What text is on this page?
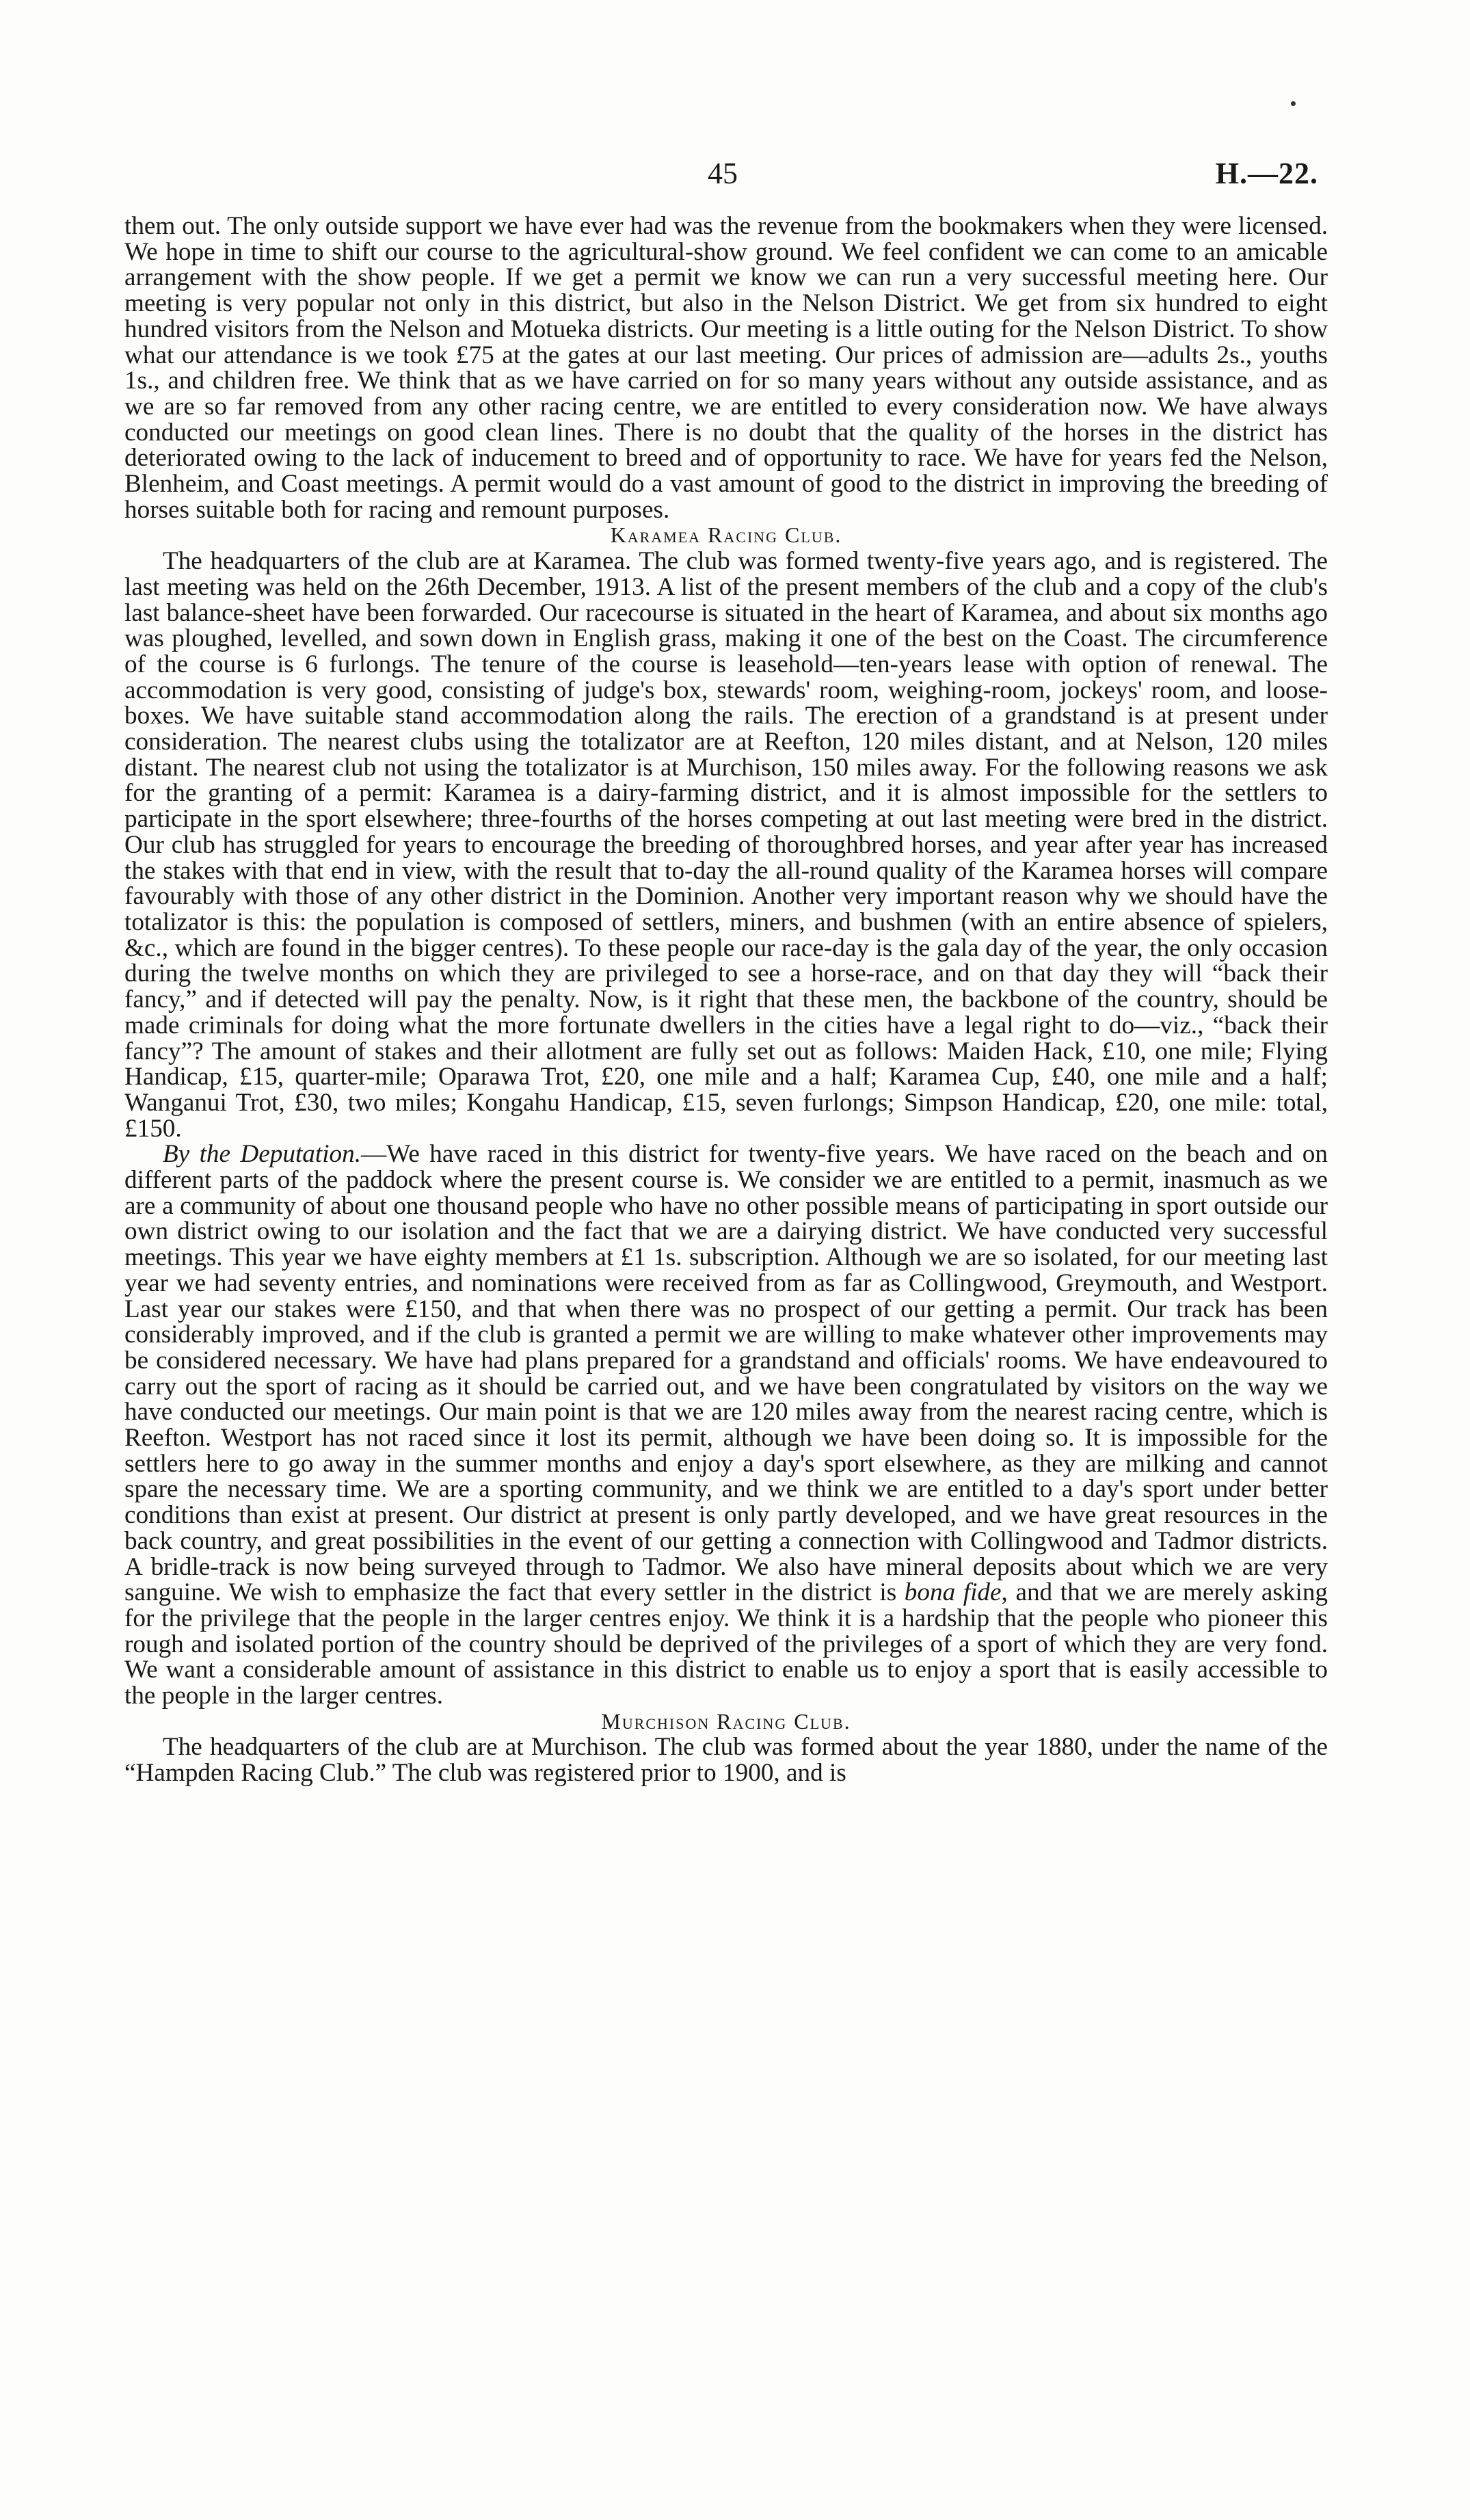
45	H.—22.

them out. The only outside support we have ever had was the revenue from the bookmakers when they were licensed. We hope in time to shift our course to the agricultural-show ground. We feel confident we can come to an amicable arrangement with the show people. If we get a permit we know we can run a very successful meeting here. Our meeting is very popular not only in this district, but also in the Nelson District. We get from six hundred to eight hundred visitors from the Nelson and Motueka districts. Our meeting is a little outing for the Nelson District. To show what our attendance is we took £75 at the gates at our last meeting. Our prices of admission are—adults 2s., youths 1s., and children free. We think that as we have carried on for so many years without any outside assistance, and as we are so far removed from any other racing centre, we are entitled to every consideration now. We have always conducted our meetings on good clean lines. There is no doubt that the quality of the horses in the district has deteriorated owing to the lack of inducement to breed and of opportunity to race. We have for years fed the Nelson, Blenheim, and Coast meetings. A permit would do a vast amount of good to the district in improving the breeding of horses suitable both for racing and remount purposes.

Karamea Racing Club.

The headquarters of the club are at Karamea. The club was formed twenty-five years ago, and is registered. The last meeting was held on the 26th December, 1913. A list of the present members of the club and a copy of the club's last balance-sheet have been forwarded. Our racecourse is situated in the heart of Karamea, and about six months ago was ploughed, levelled, and sown down in English grass, making it one of the best on the Coast. The circumference of the course is 6 furlongs. The tenure of the course is leasehold—ten-years lease with option of renewal. The accommodation is very good, consisting of judge's box, stewards' room, weighing-room, jockeys' room, and loose-boxes. We have suitable stand accommodation along the rails. The erection of a grandstand is at present under consideration. The nearest clubs using the totalizator are at Reefton, 120 miles distant, and at Nelson, 120 miles distant. The nearest club not using the totalizator is at Murchison, 150 miles away. For the following reasons we ask for the granting of a permit: Karamea is a dairy-farming district, and it is almost impossible for the settlers to participate in the sport elsewhere; three-fourths of the horses competing at out last meeting were bred in the district. Our club has struggled for years to encourage the breeding of thoroughbred horses, and year after year has increased the stakes with that end in view, with the result that to-day the all-round quality of the Karamea horses will compare favourably with those of any other district in the Dominion. Another very important reason why we should have the totalizator is this: the population is composed of settlers, miners, and bushmen (with an entire absence of spielers, &c., which are found in the bigger centres). To these people our race-day is the gala day of the year, the only occasion during the twelve months on which they are privileged to see a horse-race, and on that day they will “back their fancy,” and if detected will pay the penalty. Now, is it right that these men, the backbone of the country, should be made criminals for doing what the more fortunate dwellers in the cities have a legal right to do—viz., “back their fancy”? The amount of stakes and their allotment are fully set out as follows: Maiden Hack, £10, one mile; Flying Handicap, £15, quarter-mile; Oparawa Trot, £20, one mile and a half; Karamea Cup, £40, one mile and a half; Wanganui Trot, £30, two miles; Kongahu Handicap, £15, seven furlongs; Simpson Handicap, £20, one mile: total, £150.

By the Deputation.—We have raced in this district for twenty-five years. We have raced on the beach and on different parts of the paddock where the present course is. We consider we are entitled to a permit, inasmuch as we are a community of about one thousand people who have no other possible means of participating in sport outside our own district owing to our isolation and the fact that we are a dairying district. We have conducted very successful meetings. This year we have eighty members at £1 1s. subscription. Although we are so isolated, for our meeting last year we had seventy entries, and nominations were received from as far as Collingwood, Greymouth, and Westport. Last year our stakes were £150, and that when there was no prospect of our getting a permit. Our track has been considerably improved, and if the club is granted a permit we are willing to make whatever other improvements may be considered necessary. We have had plans prepared for a grandstand and officials' rooms. We have endeavoured to carry out the sport of racing as it should be carried out, and we have been congratulated by visitors on the way we have conducted our meetings. Our main point is that we are 120 miles away from the nearest racing centre, which is Reefton. Westport has not raced since it lost its permit, although we have been doing so. It is impossible for the settlers here to go away in the summer months and enjoy a day's sport elsewhere, as they are milking and cannot spare the necessary time. We are a sporting community, and we think we are entitled to a day's sport under better conditions than exist at present. Our district at present is only partly developed, and we have great resources in the back country, and great possibilities in the event of our getting a connection with Collingwood and Tadmor districts. A bridle-track is now being surveyed through to Tadmor. We also have mineral deposits about which we are very sanguine. We wish to emphasize the fact that every settler in the district is bona fide, and that we are merely asking for the privilege that the people in the larger centres enjoy. We think it is a hardship that the people who pioneer this rough and isolated portion of the country should be deprived of the privileges of a sport of which they are very fond. We want a considerable amount of assistance in this district to enable us to enjoy a sport that is easily accessible to the people in the larger centres.

Murchison Racing Club.

The headquarters of the club are at Murchison. The club was formed about the year 1880, under the name of the “Hampden Racing Club.” The club was registered prior to 1900, and is
